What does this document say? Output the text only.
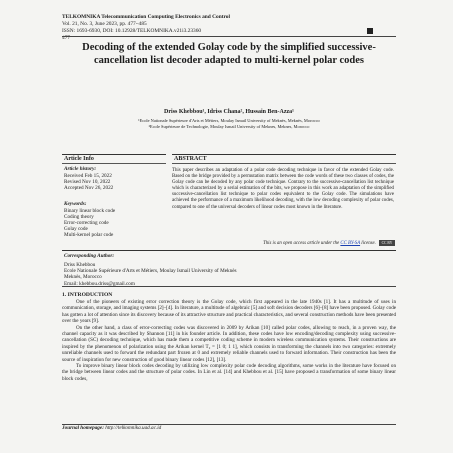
TELKOMNIKA Telecommunication Computing Electronics and Control
Vol. 21, No. 3, June 2023, pp. 477~485
ISSN: 1693-6930, DOI: 10.12928/TELKOMNIKA.v21i3.23360
477
Decoding of the extended Golay code by the simplified successive-cancellation list decoder adapted to multi-kernel polar codes
Driss Khebbou¹, Idriss Chana², Hussain Ben-Azza¹
¹Ecole Nationale Supérieure d'Arts et Métiers, Moulay Ismail University of Meknès, Meknès, Morocco
²Ecole Supérieure de Technologie, Moulay Ismail University of Meknes, Meknes, Morocco
Article Info
Article history:
Received Feb 15, 2022
Revised Nov 10, 2022
Accepted Nov 26, 2022
Keywords:
Binary linear block code
Coding theory
Error-correcting code
Golay code
Multi-kernel polar code
ABSTRACT
This paper describes an adaptation of a polar code decoding technique in favor of the extended Golay code. Based on the bridge provided by a permutation matrix between the code words of these two classes of codes, the Golay code can be decoded by any polar code technique. Contrary to the successive-cancellation list technique which is characterized by a serial estimation of the bits, we propose in this work an adaptation of the simplified successive-cancellation list technique to polar codes equivalent to the Golay code. The simulations have achieved the performance of a maximum likelihood decoding, with the low decoding complexity of polar codes, compared to one of the universal decoders of linear codes most known in the literature.
This is an open access article under the CC BY-SA license. CC BY SA
Corresponding Author:
Driss Khebbou
Ecole Nationale Supérieure d'Arts et Métiers, Moulay Ismail University of Meknès
Meknès, Morocco
Email: khebbou.driss@gmail.com
1. INTRODUCTION

One of the pioneers of existing error correction theory is the Golay code, which first appeared in the late 1940s [1]. It has a multitude of uses in communication, storage, and imaging systems [2]–[4]. In literature, a multitude of algebraic [5] and soft decision decoders [6]–[8] have been proposed. Golay code has gotten a lot of attention since its discovery because of its attractive structure and practical characteristics, and several construction methods have been presented over the years [9].

On the other hand, a class of error-correcting codes was discovered in 2009 by Arikan [10] called polar codes, allowing to reach, in a proven way, the channel capacity as it was described by Shannon [11] in his founder article. In addition, these codes have low encoding/decoding complexity using successive-cancellation (SC) decoding technique, which has made them a competitive coding scheme in modern wireless communication systems. Their constructions are inspired by the phenomenon of polarization using the Arikan kernel T₂ = [1 0; 1 1], which consists in transforming the channels into two categories: extremely unreliable channels used to forward the redundant part frozen at 0 and extremely reliable channels used to forward information. Their construction has been the source of inspiration for new construction of good binary linear codes [12], [13].

To improve binary linear block codes decoding by utilizing low complexity polar code decoding algorithms, some works in the literature have focused on the bridge between linear codes and the structure of polar codes. In Lin et al. [14] and Khebbou et al. [15] have proposed a transformation of some binary linear block codes,

Journal homepage: http://telkomnika.uad.ac.id
